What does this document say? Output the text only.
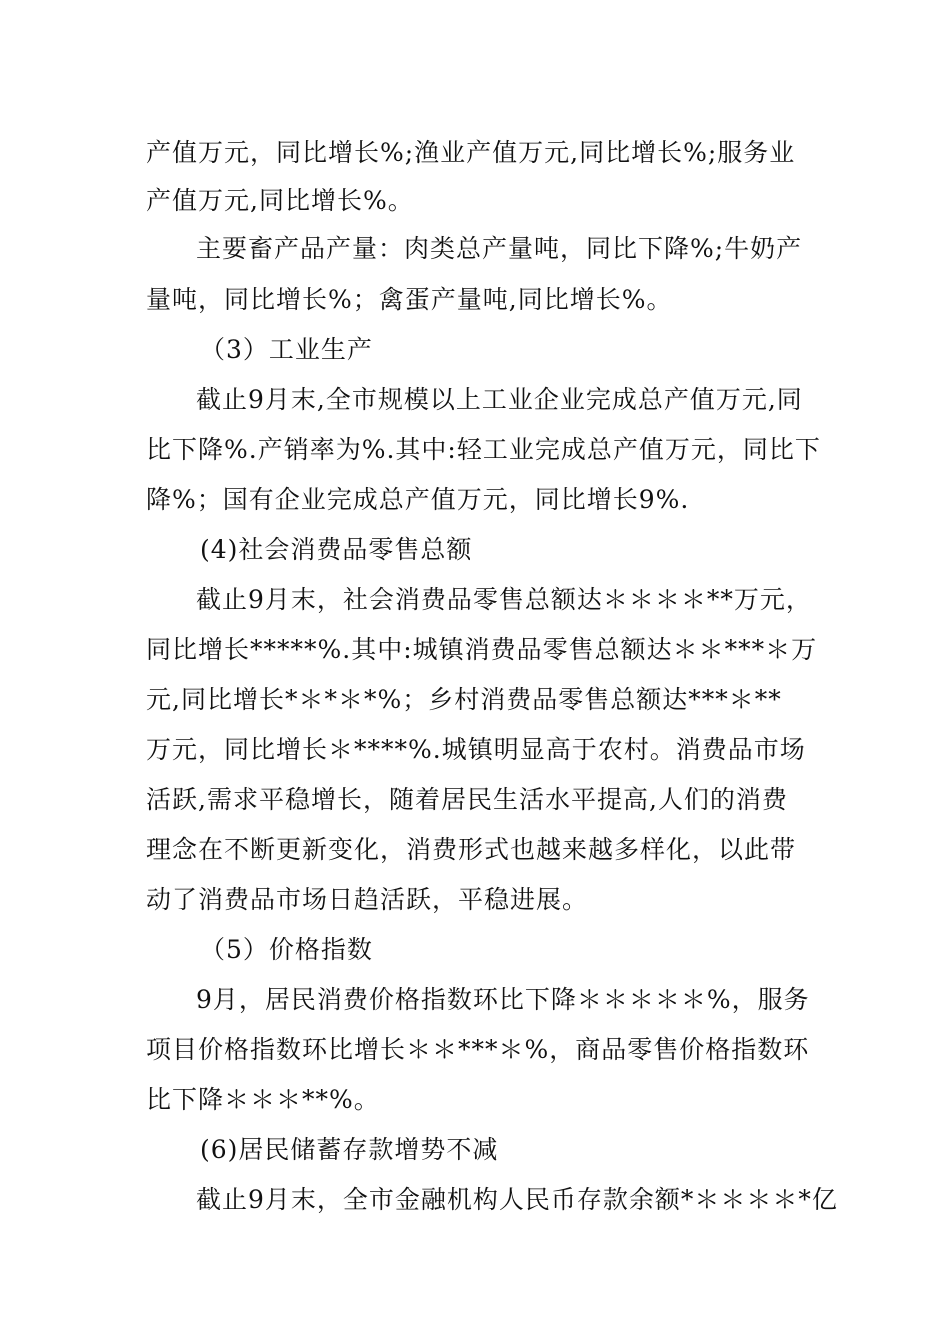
产值万元，同比增长%;渔业产值万元,同比增长%;服务业
产值万元,同比增长%。
主要畜产品产量：肉类总产量吨，同比下降%;牛奶产
量吨，同比增长%；禽蛋产量吨,同比增长%。
（3）工业生产
截止9月末,全市规模以上工业企业完成总产值万元,同
比下降%.产销率为%.其中:轻工业完成总产值万元，同比下
降%；国有企业完成总产值万元，同比增长9%.
(4)社会消费品零售总额
截止9月末，社会消费品零售总额达＊＊＊＊**万元，
同比增长*****%.其中:城镇消费品零售总额达＊＊***＊万
元,同比增长*＊*＊*%；乡村消费品零售总额达***＊**
万元，同比增长＊****%.城镇明显高于农村。消费品市场
活跃,需求平稳增长，随着居民生活水平提高,人们的消费
理念在不断更新变化，消费形式也越来越多样化，以此带
动了消费品市场日趋活跃，平稳进展。
（5）价格指数
9月，居民消费价格指数环比下降＊＊＊＊＊%，服务
项目价格指数环比增长＊＊***＊%，商品零售价格指数环
比下降＊＊＊**%。
(6)居民储蓄存款增势不减
截止9月末，全市金融机构人民币存款余额*＊＊＊＊*亿
